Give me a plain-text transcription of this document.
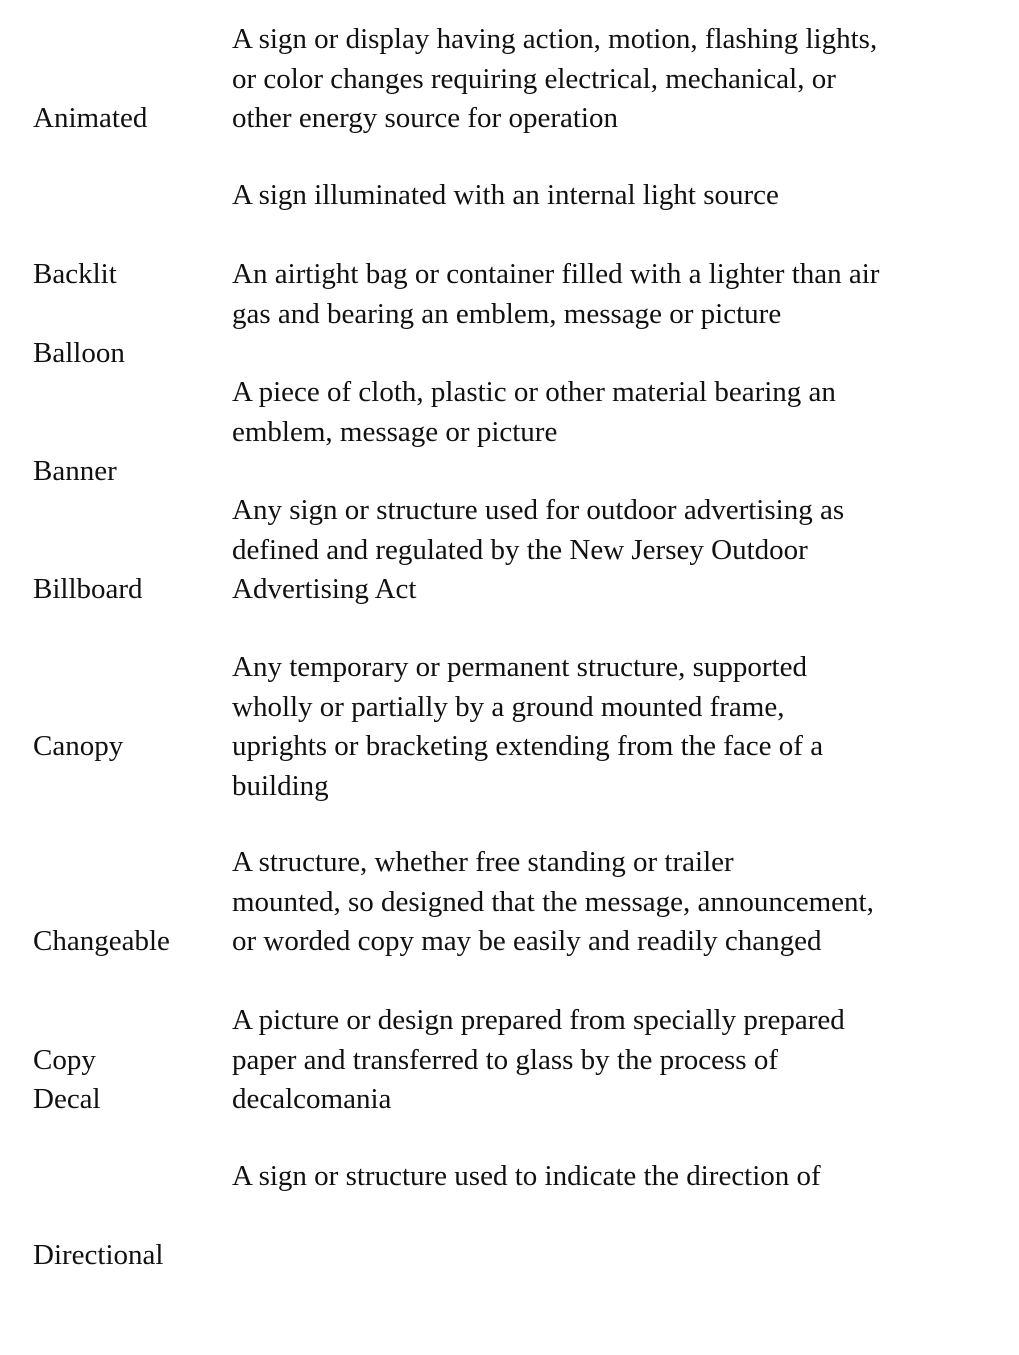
Animated

A sign or display having action, motion, flashing lights,
or color changes requiring electrical, mechanical, or
other energy source for operation

Backlit

A sign illuminated with an internal light source

Balloon

An airtight bag or container filled with a lighter than air
gas and bearing an emblem, message or picture

Banner

A piece of cloth, plastic or other material bearing an
emblem, message or picture

Billboard

Any sign or structure used for outdoor advertising as
defined and regulated by the New Jersey Outdoor
Advertising Act

Canopy

Any temporary or permanent structure, supported
wholly or partially by a ground mounted frame,
uprights or bracketing extending from the face of a
building

Changeable

Copy

A structure, whether free standing or trailer
mounted, so designed that the message, announcement,
or worded copy may be easily and readily changed

Decal

A picture or design prepared from specially prepared
paper and transferred to glass by the process of
decalcomania

Directional

A sign or structure used to indicate the direction of
